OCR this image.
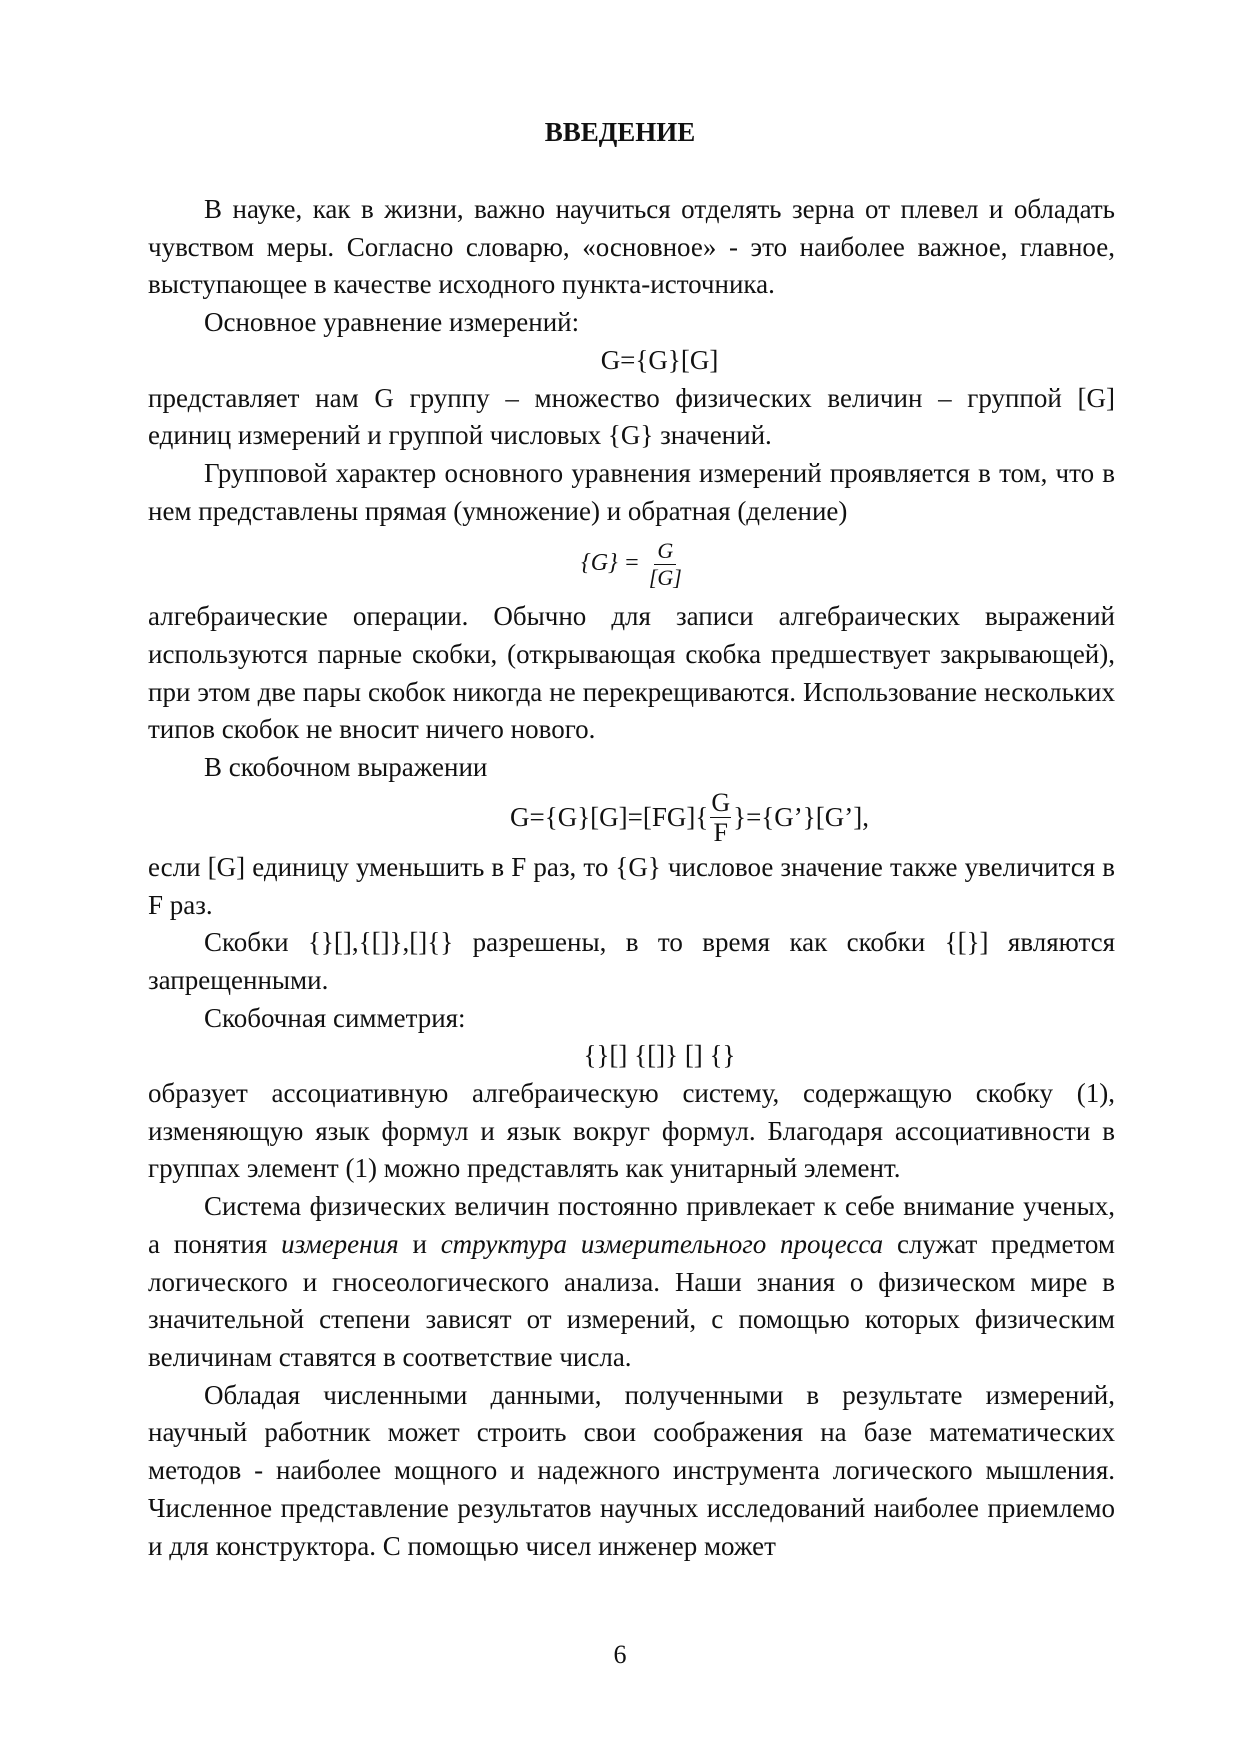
ВВЕДЕНИЕ

В науке, как в жизни, важно научиться отделять зерна от плевел и обладать чувством меры. Согласно словарю, «основное» - это наиболее важное, главное, выступающее в качестве исходного пункта-источника.

Основное уравнение измерений:

G={G}[G]

представляет нам G группу – множество физических величин – группой [G] единиц измерений и группой числовых {G} значений.

Групповой характер основного уравнения измерений проявляется в том, что в нем представлены прямая (умножение) и обратная (деление)

{G} =
$\frac{G}{[G]}$

алгебраические операции. Обычно для записи алгебраических выражений используются парные скобки, (открывающая скобка предшествует закрывающей), при этом две пары скобок никогда не перекрещиваются. Использование нескольких типов скобок не вносит ничего нового.

В скобочном выражении

$G=\{G\}[G]=[FG]\{ \frac{G}{F}$ }={G’}[G’],

если [G] единицу уменьшить в F раз, то {G} числовое значение также увеличится в F раз.

Скобки {}[],{[]},[]{} разрешены, в то время как скобки {[}] являются запрещенными.

Скобочная симметрия:

{}[] {[]} [] {}

образует ассоциативную алгебраическую систему, содержащую скобку (1), изменяющую язык формул и язык вокруг формул. Благодаря ассоциативности в группах элемент (1) можно представлять как унитарный элемент.

Система физических величин постоянно привлекает к себе внимание ученых, а понятия измерения и структура измерительного процесса служат предметом логического и гносеологического анализа. Наши знания о физическом мире в значительной степени зависят от измерений, с помощью которых физическим величинам ставятся в соответствие числа.

Обладая численными данными, полученными в результате измерений, научный работник может строить свои соображения на базе математических методов - наиболее мощного и надежного инструмента логического мышления. Численное представление результатов научных исследований наиболее приемлемо и для конструктора. С помощью чисел инженер может

6
